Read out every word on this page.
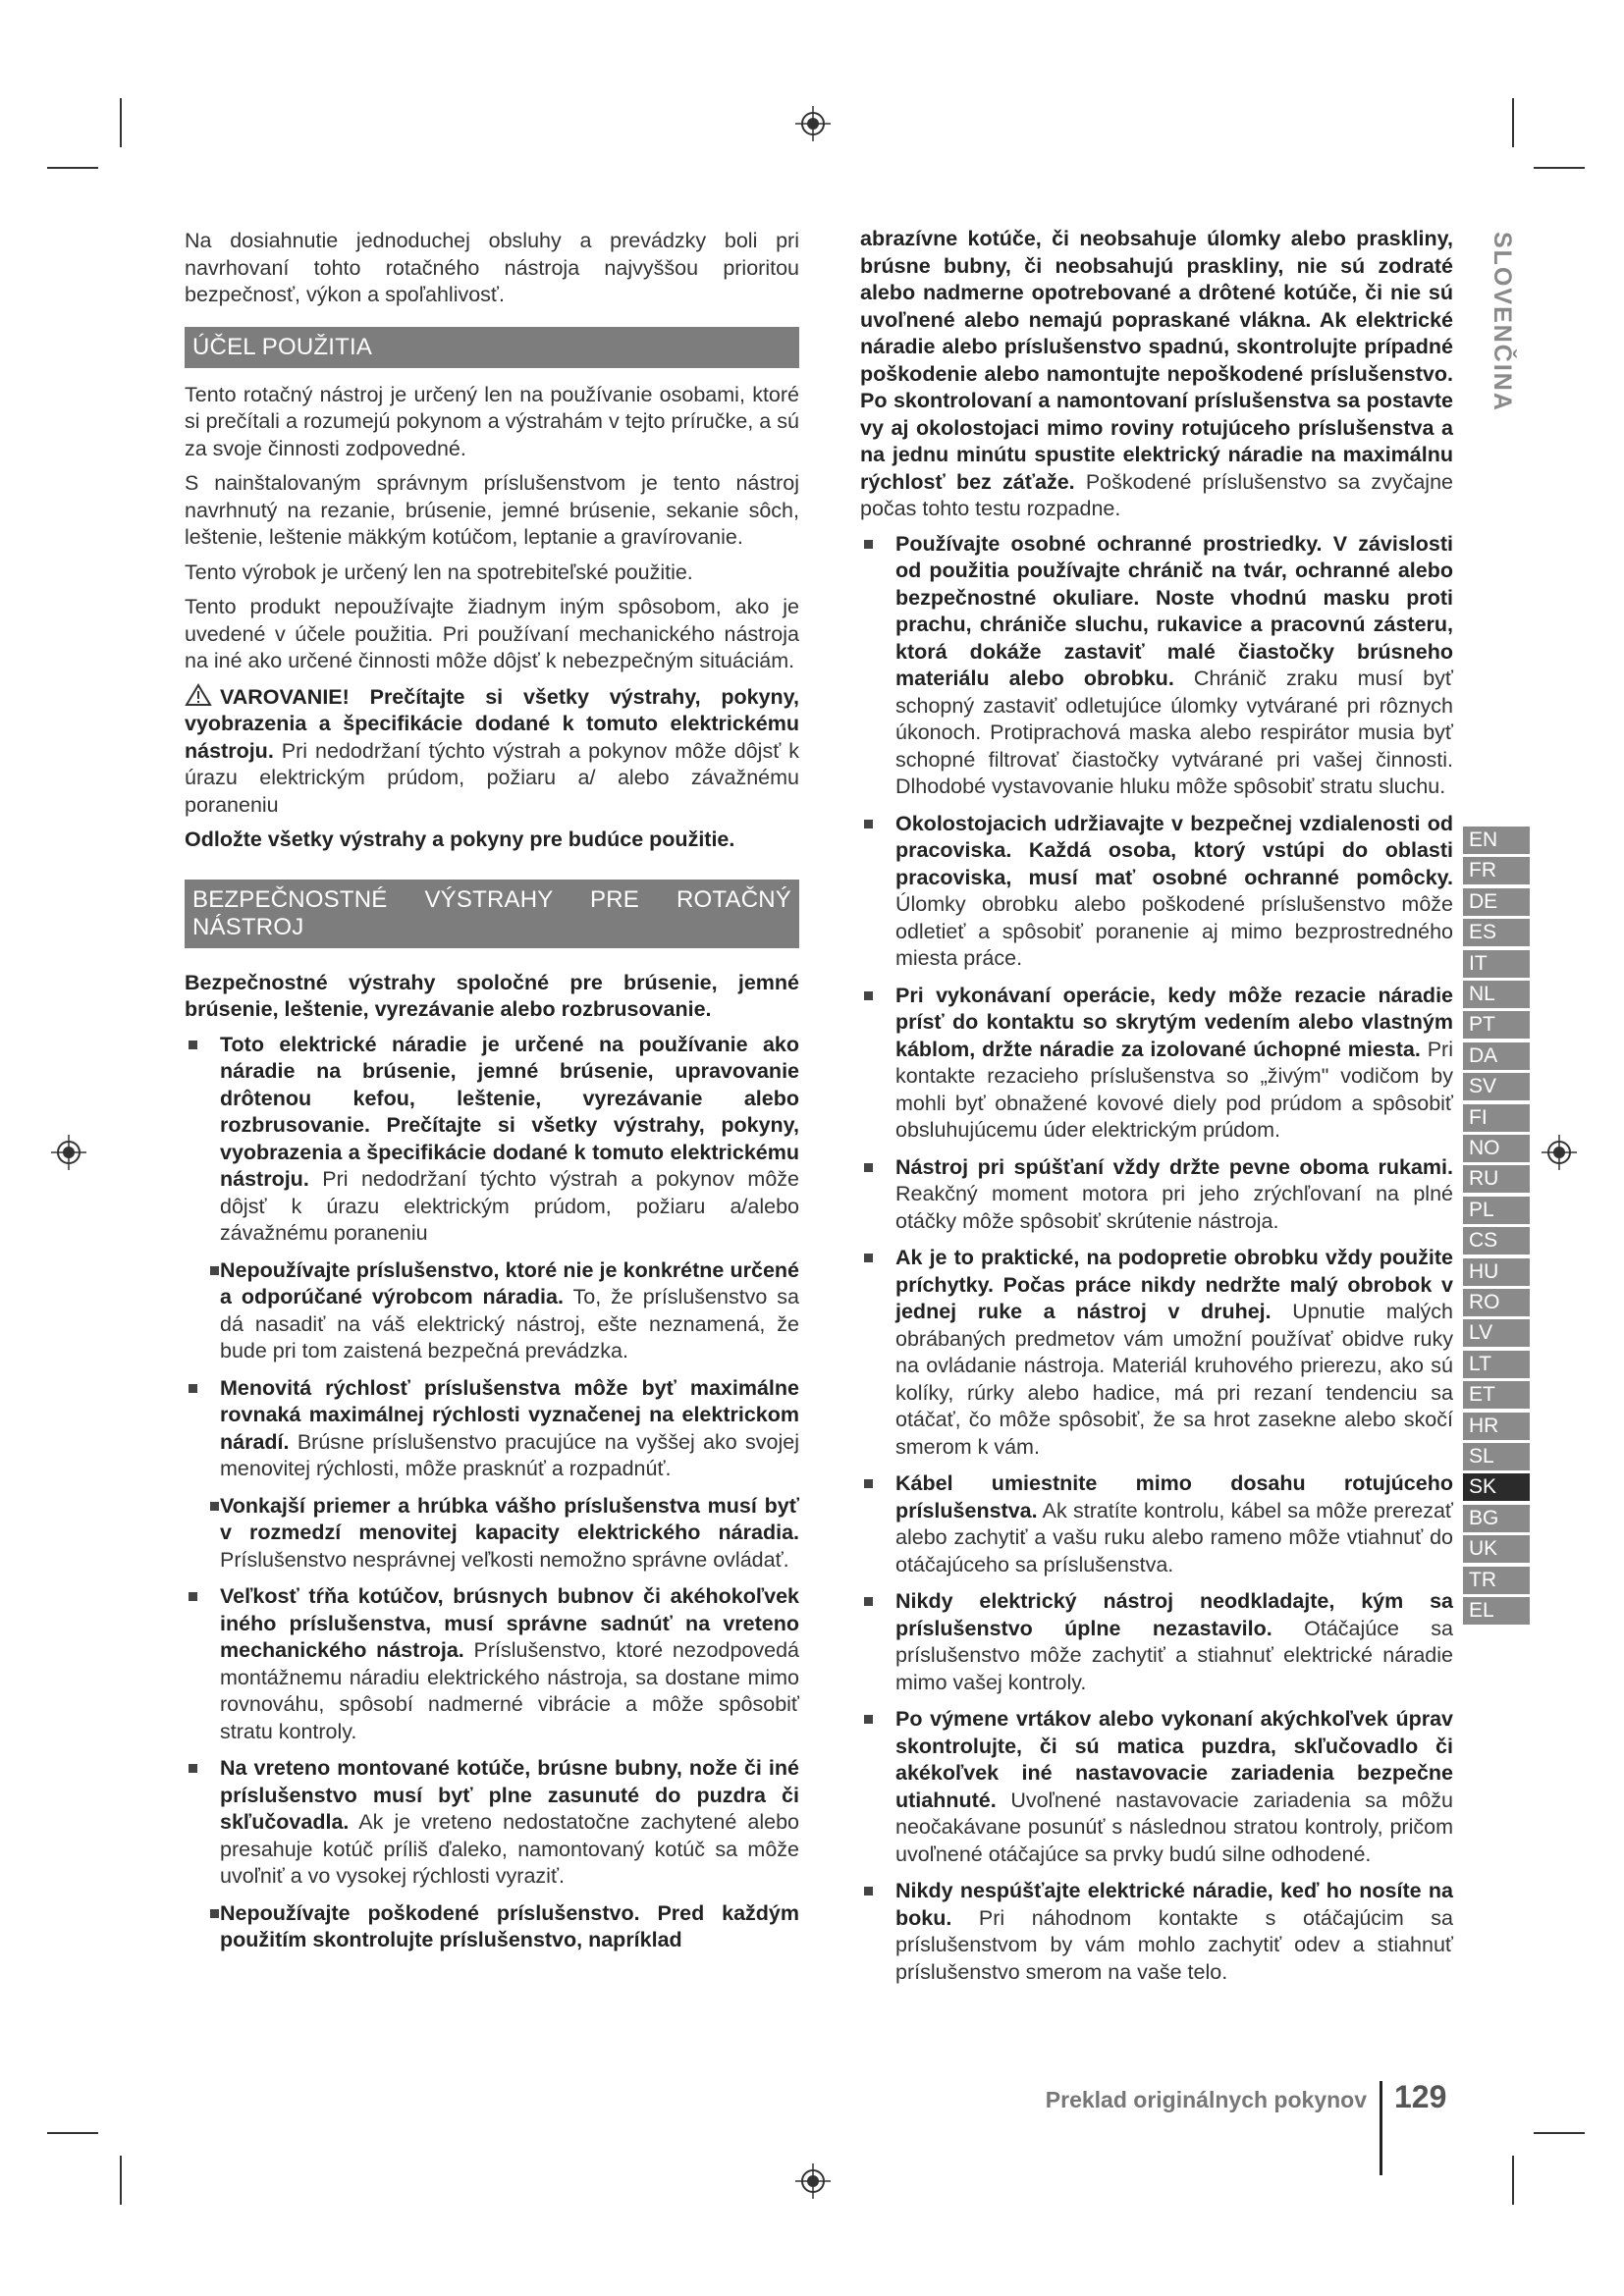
SLOVENČINA

Na dosiahnutie jednoduchej obsluhy a prevádzky boli pri navrhovaní tohto rotačného nástroja najvyššou prioritou bezpečnosť, výkon a spoľahlivosť.

ÚČEL POUŽITIA

Tento rotačný nástroj je určený len na používanie osobami, ktoré si prečítali a rozumejú pokynom a výstrahám v tejto príručke, a sú za svoje činnosti zodpovedné.

S nainštalovaným správnym príslušenstvom je tento nástroj navrhnutý na rezanie, brúsenie, jemné brúsenie, sekanie sôch, leštenie, leštenie mäkkým kotúčom, leptanie a gravírovanie.

Tento výrobok je určený len na spotrebiteľské použitie.

Tento produkt nepoužívajte žiadnym iným spôsobom, ako je uvedené v účele použitia. Pri používaní mechanického nástroja na iné ako určené činnosti môže dôjsť k nebezpečným situáciám.

VAROVANIE! Prečítajte si všetky výstrahy, pokyny, vyobrazenia a špecifikácie dodané k tomuto elektrickému nástroju. Pri nedodržaní týchto výstrah a pokynov môže dôjsť k úrazu elektrickým prúdom, požiaru a/ alebo závažnému poraneniu

Odložte všetky výstrahy a pokyny pre budúce použitie.

BEZPEČNOSTNÉ VÝSTRAHY PRE ROTAČNÝ NÁSTROJ

Bezpečnostné výstrahy spoločné pre brúsenie, jemné brúsenie, leštenie, vyrezávanie alebo rozbrusovanie.

Toto elektrické náradie je určené na používanie ako náradie na brúsenie, jemné brúsenie, upravovanie drôtenou kefou, leštenie, vyrezávanie alebo rozbrusovanie. Prečítajte si všetky výstrahy, pokyny, vyobrazenia a špecifikácie dodané k tomuto elektrickému nástroju. Pri nedodržaní týchto výstrah a pokynov môže dôjsť k úrazu elektrickým prúdom, požiaru a/alebo závažnému poraneniu
Nepoužívajte príslušenstvo, ktoré nie je konkrétne určené a odporúčané výrobcom náradia. To, že príslušenstvo sa dá nasadiť na váš elektrický nástroj, ešte neznamená, že bude pri tom zaistená bezpečná prevádzka.
Menovitá rýchlosť príslušenstva môže byť maximálne rovnaká maximálnej rýchlosti vyznačenej na elektrickom náradí. Brúsne príslušenstvo pracujúce na vyššej ako svojej menovitej rýchlosti, môže prasknúť a rozpadnúť.
Vonkajší priemer a hrúbka vášho príslušenstva musí byť v rozmedzí menovitej kapacity elektrického náradia. Príslušenstvo nesprávnej veľkosti nemožno správne ovládať.
Veľkosť tŕňa kotúčov, brúsnych bubnov či akéhokoľvek iného príslušenstva, musí správne sadnúť na vreteno mechanického nástroja. Príslušenstvo, ktoré nezodpovedá montážnemu náradiu elektrického nástroja, sa dostane mimo rovnováhu, spôsobí nadmerné vibrácie a môže spôsobiť stratu kontroly.
Na vreteno montované kotúče, brúsne bubny, nože či iné príslušenstvo musí byť plne zasunuté do puzdra či skľučovadla. Ak je vreteno nedostatočne zachytené alebo presahuje kotúč príliš ďaleko, namontovaný kotúč sa môže uvoľniť a vo vysokej rýchlosti vyraziť.
Nepoužívajte poškodené príslušenstvo. Pred každým použitím skontrolujte príslušenstvo, napríklad

abrazívne kotúče, či neobsahuje úlomky alebo praskliny, brúsne bubny, či neobsahujú praskliny, nie sú zodraté alebo nadmerne opotrebované a drôtené kotúče, či nie sú uvoľnené alebo nemajú popraskané vlákna. Ak elektrické náradie alebo príslušenstvo spadnú, skontrolujte prípadné poškodenie alebo namontujte nepoškodené príslušenstvo. Po skontrolovaní a namontovaní príslušenstva sa postavte vy aj okolostojaci mimo roviny rotujúceho príslušenstva a na jednu minútu spustite elektrický náradie na maximálnu rýchlosť bez záťaže. Poškodené príslušenstvo sa zvyčajne počas tohto testu rozpadne.

Používajte osobné ochranné prostriedky. V závislosti od použitia používajte chránič na tvár, ochranné alebo bezpečnostné okuliare. Noste vhodnú masku proti prachu, chrániče sluchu, rukavice a pracovnú zásteru, ktorá dokáže zastaviť malé čiastočky brúsneho materiálu alebo obrobku. Chránič zraku musí byť schopný zastaviť odletujúce úlomky vytvárané pri rôznych úkonoch. Protiprachová maska alebo respirátor musia byť schopné filtrovať čiastočky vytvárané pri vašej činnosti. Dlhodobé vystavovanie hluku môže spôsobiť stratu sluchu.
Okolostojacich udržiavajte v bezpečnej vzdialenosti od pracoviska. Každá osoba, ktorý vstúpi do oblasti pracoviska, musí mať osobné ochranné pomôcky. Úlomky obrobku alebo poškodené príslušenstvo môže odletieť a spôsobiť poranenie aj mimo bezprostredného miesta práce.
Pri vykonávaní operácie, kedy môže rezacie náradie prísť do kontaktu so skrytým vedením alebo vlastným káblom, držte náradie za izolované úchopné miesta. Pri kontakte rezacieho príslušenstva so „živým" vodičom by mohli byť obnažené kovové diely pod prúdom a spôsobiť obsluhujúcemu úder elektrickým prúdom.
Nástroj pri spúšťaní vždy držte pevne oboma rukami. Reakčný moment motora pri jeho zrýchľovaní na plné otáčky môže spôsobiť skrútenie nástroja.
Ak je to praktické, na podopretie obrobku vždy použite príchytky. Počas práce nikdy nedržte malý obrobok v jednej ruke a nástroj v druhej. Upnutie malých obrábaných predmetov vám umožní používať obidve ruky na ovládanie nástroja. Materiál kruhového prierezu, ako sú kolíky, rúrky alebo hadice, má pri rezaní tendenciu sa otáčať, čo môže spôsobiť, že sa hrot zasekne alebo skočí smerom k vám.
Kábel umiestnite mimo dosahu rotujúceho príslušenstva. Ak stratíte kontrolu, kábel sa môže prerezať alebo zachytiť a vašu ruku alebo rameno môže vtiahnuť do otáčajúceho sa príslušenstva.
Nikdy elektrický nástroj neodkladajte, kým sa príslušenstvo úplne nezastavilo. Otáčajúce sa príslušenstvo môže zachytiť a stiahnuť elektrické náradie mimo vašej kontroly.
Po výmene vrtákov alebo vykonaní akýchkoľvek úprav skontrolujte, či sú matica puzdra, skľučovadlo či akékoľvek iné nastavovacie zariadenia bezpečne utiahnuté. Uvoľnené nastavovacie zariadenia sa môžu neočakávane posunúť s následnou stratou kontroly, pričom uvoľnené otáčajúce sa prvky budú silne odhodené.
Nikdy nespúšťajte elektrické náradie, keď ho nosíte na boku. Pri náhodnom kontakte s otáčajúcim sa príslušenstvom by vám mohlo zachytiť odev a stiahnuť príslušenstvo smerom na vaše telo.
EN
FR
DE
ES
IT
NL
PT
DA
SV
FI
NO
RU
PL
CS
HU
RO
LV
LT
ET
HR
SL
SK
BG
UK
TR
EL
Preklad originálnych pokynov 129
